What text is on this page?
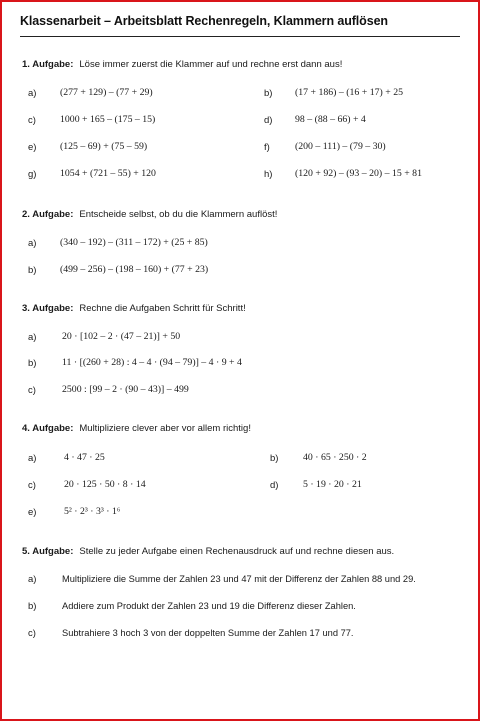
Klassenarbeit – Arbeitsblatt Rechenregeln, Klammern auflösen
1. Aufgabe: Löse immer zuerst die Klammer auf und rechne erst dann aus!
a) (277 + 129) – (77 + 29)	b) (17 + 186) – (16 + 17) + 25
c) 1000 + 165 – (175 – 15)	d) 98 – (88 – 66) + 4
e) (125 – 69) + (75 – 59)	f)	(200 – 111) – (79 – 30)
g) 1054 + (721 – 55) + 120	h) (120 + 92) – (93 – 20) – 15 + 81
2. Aufgabe: Entscheide selbst, ob du die Klammern auflöst!
a) (340 – 192) – (311 – 172) + (25 + 85)
b) (499 – 256) – (198 – 160) + (77 + 23)
3. Aufgabe: Rechne die Aufgaben Schritt für Schritt!
a)	20 · [102 – 2 · (47 – 21)] + 50
b)	11 · [(260 + 28) : 4 – 4 · (94 – 79)] – 4 · 9 + 4
c)	2500 : [99 – 2 · (90 – 43)] – 499
4. Aufgabe: Multipliziere clever aber vor allem richtig!
a)	4 · 47 · 25	b)	40 · 65 · 250 · 2
c)	20 · 125 · 50 · 8 · 14	d)	5 · 19 · 20 · 21
e)	5² · 2³ · 3³ · 1⁶
5. Aufgabe: Stelle zu jeder Aufgabe einen Rechenausdruck auf und rechne diesen aus.
a)	Multipliziere die Summe der Zahlen 23 und 47 mit der Differenz der Zahlen 88 und 29.
b)	Addiere zum Produkt der Zahlen 23 und 19 die Differenz dieser Zahlen.
c)	Subtrahiere 3 hoch 3 von der doppelten Summe der Zahlen 17 und 77.
